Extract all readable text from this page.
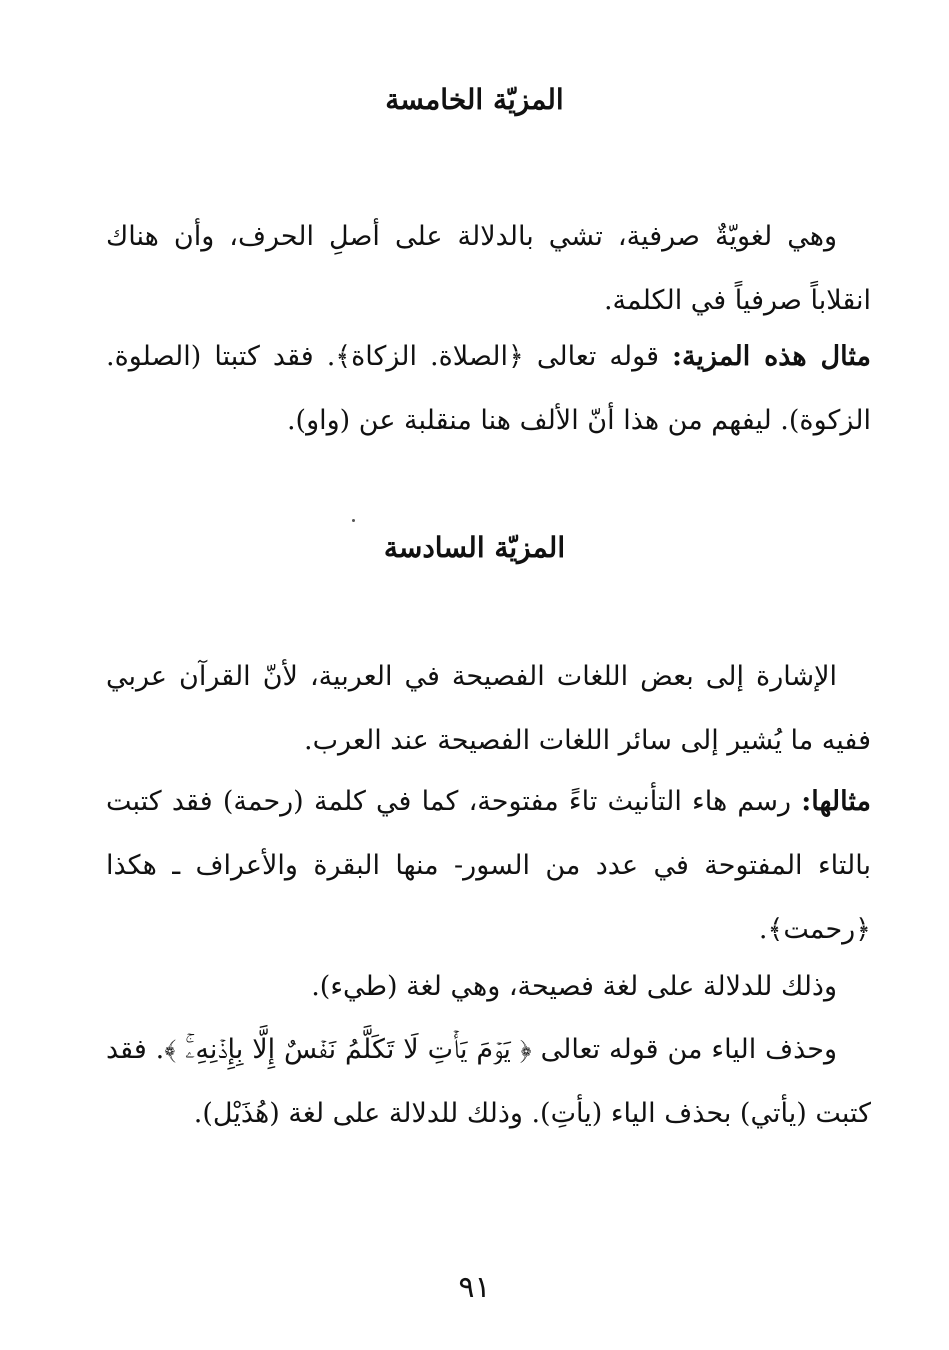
المزيّة الخامسة

وهي لغويّةٌ صرفية، تشي بالدلالة على أصلِ الحرف، وأن هناك انقلاباً صرفياً في الكلمة.

مثال هذه المزية: قوله تعالى ﴿الصلاة. الزكاة﴾. فقد كتبتا (الصلوة. الزكوة). ليفهم من هذا أنّ الألف هنا منقلبة عن (واو).

المزيّة السادسة

الإشارة إلى بعض اللغات الفصيحة في العربية، لأنّ القرآن عربي ففيه ما يُشير إلى سائر اللغات الفصيحة عند العرب.

مثالها: رسم هاء التأنيث تاءً مفتوحة، كما في كلمة (رحمة) فقد كتبت بالتاء المفتوحة في عدد من السور- منها البقرة والأعراف ـ هكذا ﴿رحمت﴾.

وذلك للدلالة على لغة فصيحة، وهي لغة (طيء).

وحذف الياء من قوله تعالى ﴿ يَوۡمَ يَأۡتِ لَا تَكَلَّمُ نَفۡسٌ إِلَّا بِإِذۡنِهِۦۚ ﴾. فقد كتبت (يأتي) بحذف الياء (يأتِ). وذلك للدلالة على لغة (هُذَيْل).

٩١
